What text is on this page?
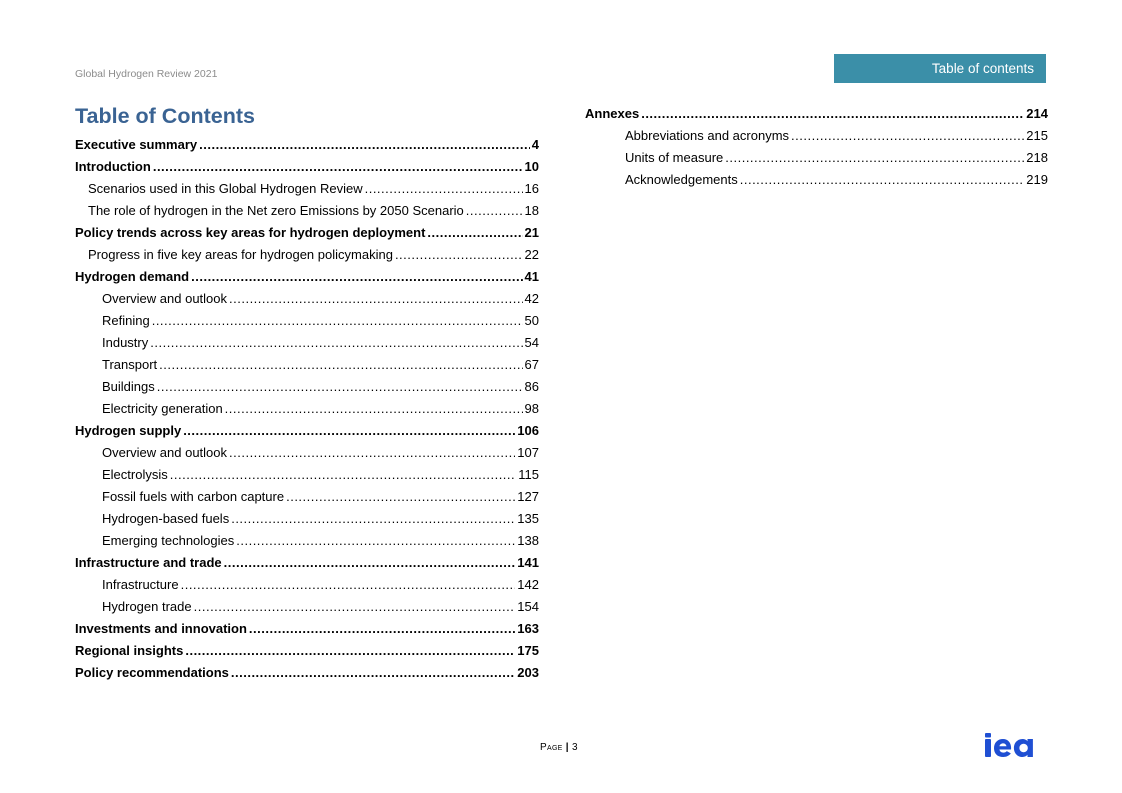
Global Hydrogen Review 2021	Table of contents
Table of Contents
Executive summary .....	4
Introduction .....	10
Scenarios used in this Global Hydrogen Review .....	16
The role of hydrogen in the Net zero Emissions by 2050 Scenario .....	18
Policy trends across key areas for hydrogen deployment .....	21
Progress in five key areas for hydrogen policymaking .....	22
Hydrogen demand .....	41
Overview and outlook .....	42
Refining .....	50
Industry .....	54
Transport .....	67
Buildings .....	86
Electricity generation .....	98
Hydrogen supply .....	106
Overview and outlook .....	107
Electrolysis .....	115
Fossil fuels with carbon capture .....	127
Hydrogen-based fuels .....	135
Emerging technologies .....	138
Infrastructure and trade .....	141
Infrastructure .....	142
Hydrogen trade .....	154
Investments and innovation .....	163
Regional insights .....	175
Policy recommendations .....	203
Annexes .....	214
Abbreviations and acronyms .....	215
Units of measure .....	218
Acknowledgements .....	219
Page | 3
